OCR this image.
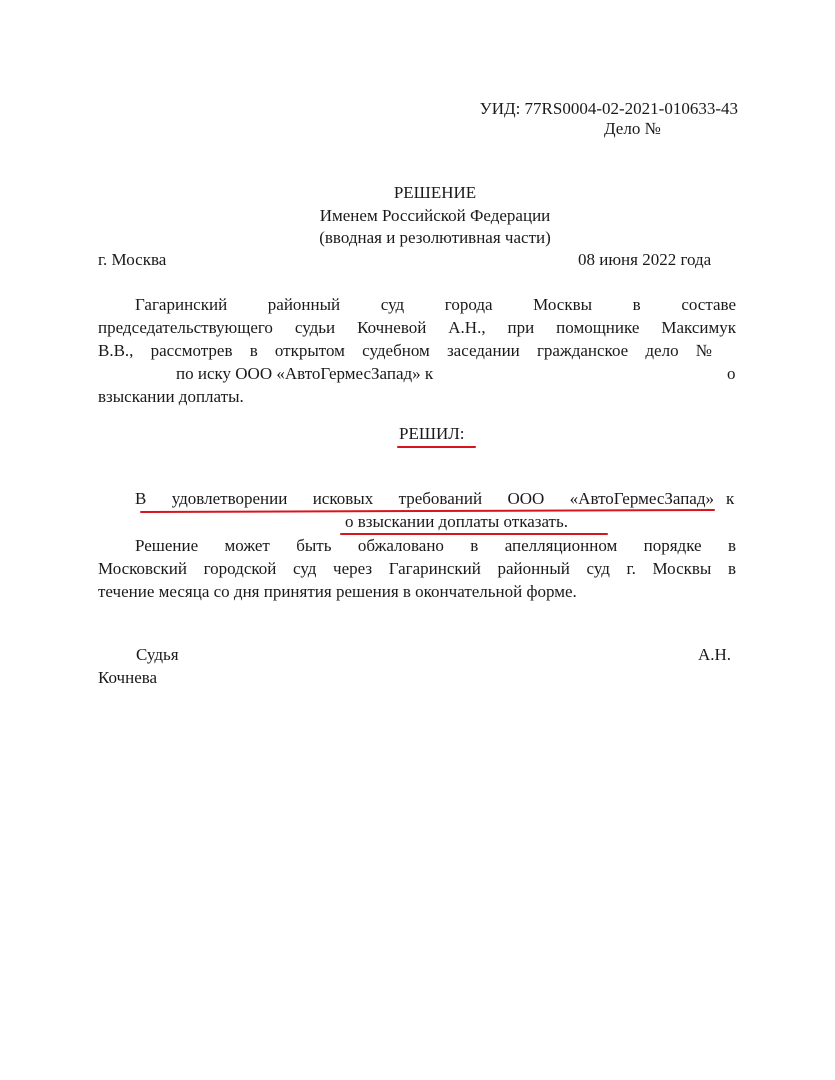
УИД: 77RS0004-02-2021-010633-43
Дело №
РЕШЕНИЕ
Именем Российской Федерации
(вводная и резолютивная части)
г. Москва	08 июня 2022 года
Гагаринский районный суд города Москвы в составе
председательствующего судьи Кочневой А.Н., при помощнике Максимук
В.В., рассмотрев в открытом судебном заседании гражданское дело №
по иску ООО «АвтоГермесЗапад» к	о
взыскании доплаты.
РЕШИЛ:
В удовлетворении исковых требований ООО «АвтоГермесЗапад» к
о взыскании доплаты отказать.
Решение может быть обжаловано в апелляционном порядке в
Московский городской суд через Гагаринский районный суд г. Москвы в
течение месяца со дня принятия решения в окончательной форме.
Судья	А.Н.
Кочнева
